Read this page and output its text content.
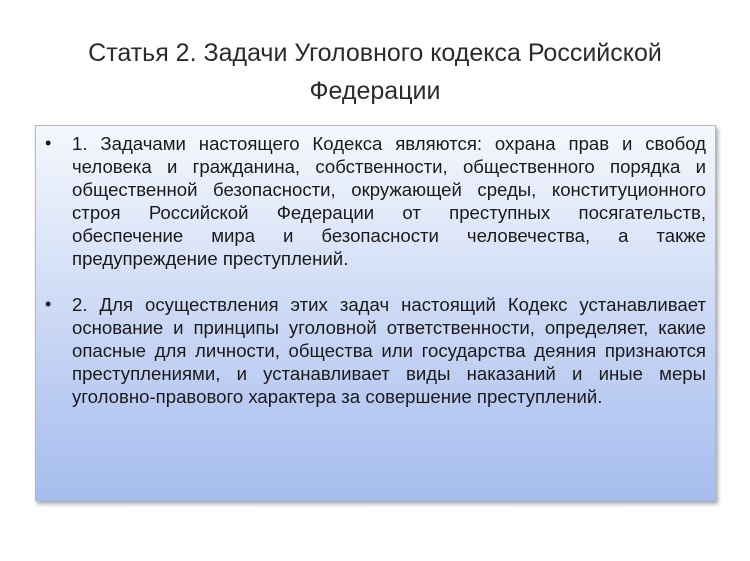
Статья 2. Задачи Уголовного кодекса Российской Федерации
• 1. Задачами настоящего Кодекса являются: охрана прав и свобод человека и гражданина, собственности, общественного порядка и общественной безопасности, окружающей среды, конституционного строя Российской Федерации от преступных посягательств, обеспечение мира и безопасности человечества, а также предупреждение преступлений.
• 2. Для осуществления этих задач настоящий Кодекс устанавливает основание и принципы уголовной ответственности, определяет, какие опасные для личности, общества или государства деяния признаются преступлениями, и устанавливает виды наказаний и иные меры уголовно-правового характера за совершение преступлений.
